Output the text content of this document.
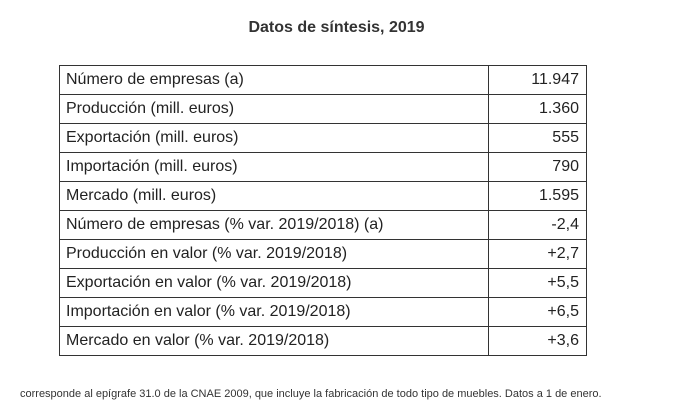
Datos de síntesis, 2019
Número de empresas (a)	11.947
Producción (mill. euros)	1.360
Exportación (mill. euros)	555
Importación (mill. euros)	790
Mercado (mill. euros)	1.595
Número de empresas (% var. 2019/2018) (a)	-2,4
Producción en valor (% var. 2019/2018)	+2,7
Exportación en valor (% var. 2019/2018)	+5,5
Importación en valor (% var. 2019/2018)	+6,5
Mercado en valor (% var. 2019/2018)	+3,6
corresponde al epígrafe 31.0 de la CNAE 2009, que incluye la fabricación de todo tipo de muebles. Datos a 1 de enero.
